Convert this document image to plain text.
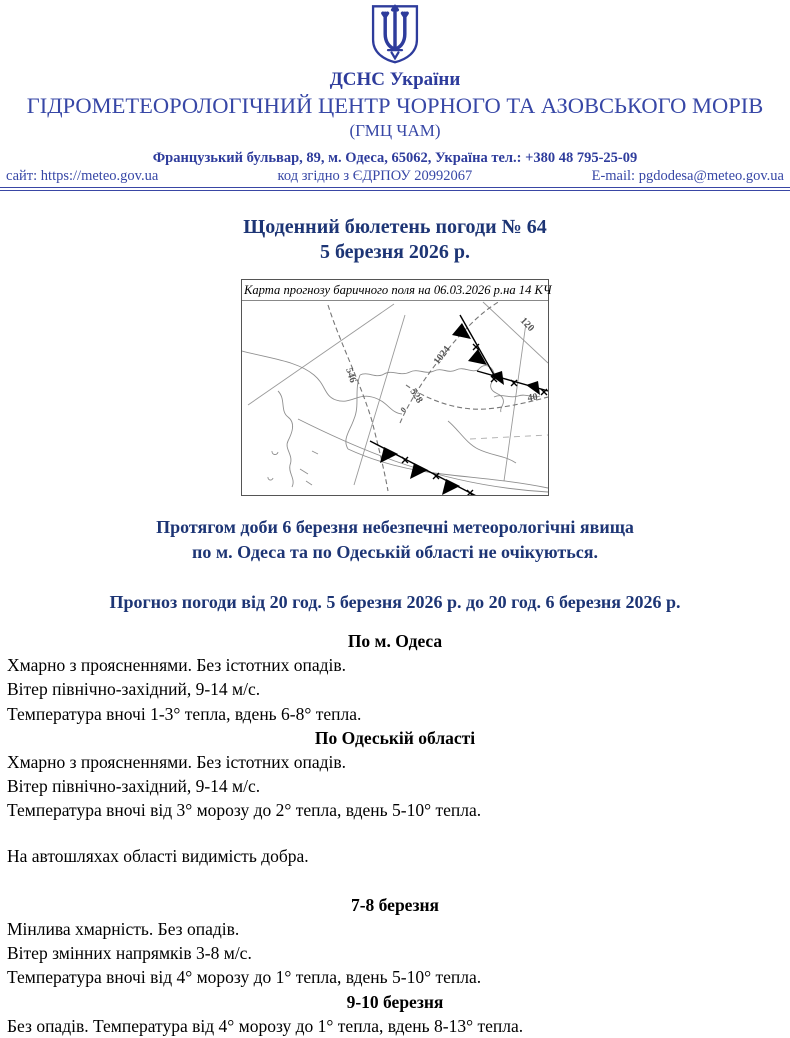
ДСНС України
ГІДРОМЕТЕОРОЛОГІЧНИЙ ЦЕНТР ЧОРНОГО ТА АЗОВСЬКОГО МОРІВ
(ГМЦ ЧАМ)
Французький бульвар, 89, м. Одеса, 65062, Україна тел.: +380 48 795-25-09
сайт: https://meteo.gov.ua	код згідно з ЄДРПОУ 20992067	E-mail: pgdodesa@meteo.gov.ua
Щоденний бюлетень погоди № 64
5 березня 2026 р.
Карта прогнозу баричного поля на 06.03.2026 р.на 14 КЧ
546
1024
528
120
40
0
Протягом доби 6 березня небезпечні метеорологічні явища
по м. Одеса та по Одеській області не очікуються.
Прогноз погоди від 20 год. 5 березня 2026 р. до 20 год. 6 березня 2026 р.
По м. Одеса
Хмарно з проясненнями. Без істотних опадів.
Вітер північно-західний, 9-14 м/с.
Температура вночі 1-3° тепла, вдень 6-8° тепла.
По Одеській області
Хмарно з проясненнями. Без істотних опадів.
Вітер північно-західний, 9-14 м/с.
Температура вночі від 3° морозу до 2° тепла, вдень 5-10° тепла.
На автошляхах області видимість добра.
7-8 березня
Мінлива хмарність. Без опадів.
Вітер змінних напрямків 3-8 м/с.
Температура вночі від 4° морозу до 1° тепла, вдень 5-10° тепла.
9-10 березня
Без опадів. Температура від 4° морозу до 1° тепла, вдень 8-13° тепла.
